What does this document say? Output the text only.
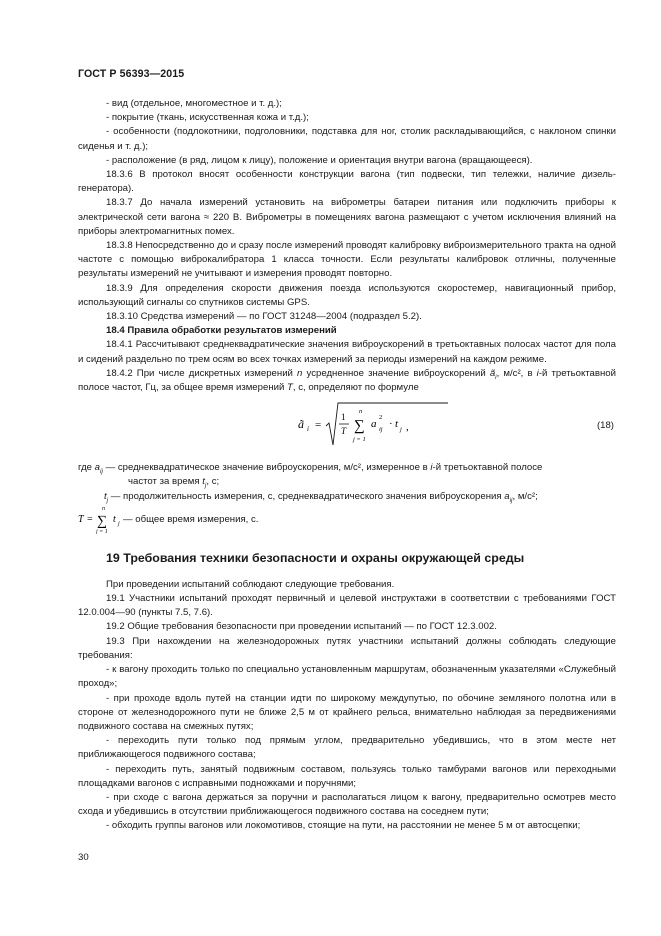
ГОСТ Р 56393—2015

- вид (отдельное, многоместное и т. д.);

- покрытие (ткань, искусственная кожа и т.д.);

- особенности (подлокотники, подголовники, подставка для ног, столик раскладывающийся, с наклоном спинки сиденья и т. д.);

- расположение (в ряд, лицом к лицу), положение и ориентация внутри вагона (вращающееся).

18.3.6 В протокол вносят особенности конструкции вагона (тип подвески, тип тележки, наличие дизель-генератора).

18.3.7 До начала измерений установить на виброметры батареи питания или подключить приборы к электрической сети вагона ≈ 220 В. Виброметры в помещениях вагона размещают с учетом исключения влияний на приборы электромагнитных помех.

18.3.8 Непосредственно до и сразу после измерений проводят калибровку виброизмерительного тракта на одной частоте с помощью виброкалибратора 1 класса точности. Если результаты калибровок отличны, полученные результаты измерений не учитывают и измерения проводят повторно.

18.3.9 Для определения скорости движения поезда используются скоростемер, навигационный прибор, использующий сигналы со спутников системы GPS.

18.3.10 Средства измерений — по ГОСТ 31248—2004 (подраздел 5.2).

18.4 Правила обработки результатов измерений

18.4.1 Рассчитывают среднеквадратические значения виброускорений в третьоктавных полосах частот для пола и сидений раздельно по трем осям во всех точках измерений за периоды измерений на каждом режиме.

18.4.2 При числе дискретных измерений n усредненное значение виброускорений $ã_i$, м/с², в i-й третьоктавной полосе частот, Гц, за общее время измерений T, с, определяют по формуле

ã i =
1
T
n
∑
j = 1
a
2
ij · t j ,	(18)

где $a_{ij}$ — среднеквадратическое значение виброускорения, м/с², измеренное в i-й третьоктавной полосе

частот за время $t_j$, с;

$t_j$ — продолжительность измерения, с, среднеквадратического значения виброускорения $a_{ij}$, м/с²;

T =
n
∑
j = 1
t j — общее время измерения, с.
19 Требования техники безопасности и охраны окружающей среды

При проведении испытаний соблюдают следующие требования.

19.1 Участники испытаний проходят первичный и целевой инструктажи в соответствии с требованиями ГОСТ 12.0.004—90 (пункты 7.5, 7.6).

19.2 Общие требования безопасности при проведении испытаний — по ГОСТ 12.3.002.

19.3 При нахождении на железнодорожных путях участники испытаний должны соблюдать следующие требования:

- к вагону проходить только по специально установленным маршрутам, обозначенным указателями «Служебный проход»;

- при проходе вдоль путей на станции идти по широкому междупутью, по обочине земляного полотна или в стороне от железнодорожного пути не ближе 2,5 м от крайнего рельса, внимательно наблюдая за передвижениями подвижного состава на смежных путях;

- переходить пути только под прямым углом, предварительно убедившись, что в этом месте нет приближающегося подвижного состава;

- переходить путь, занятый подвижным составом, пользуясь только тамбурами вагонов или переходными площадками вагонов с исправными подножками и поручнями;

- при сходе с вагона держаться за поручни и располагаться лицом к вагону, предварительно осмотрев место схода и убедившись в отсутствии приближающегося подвижного состава на соседнем пути;

- обходить группы вагонов или локомотивов, стоящие на пути, на расстоянии не менее 5 м от автосцепки;

30
